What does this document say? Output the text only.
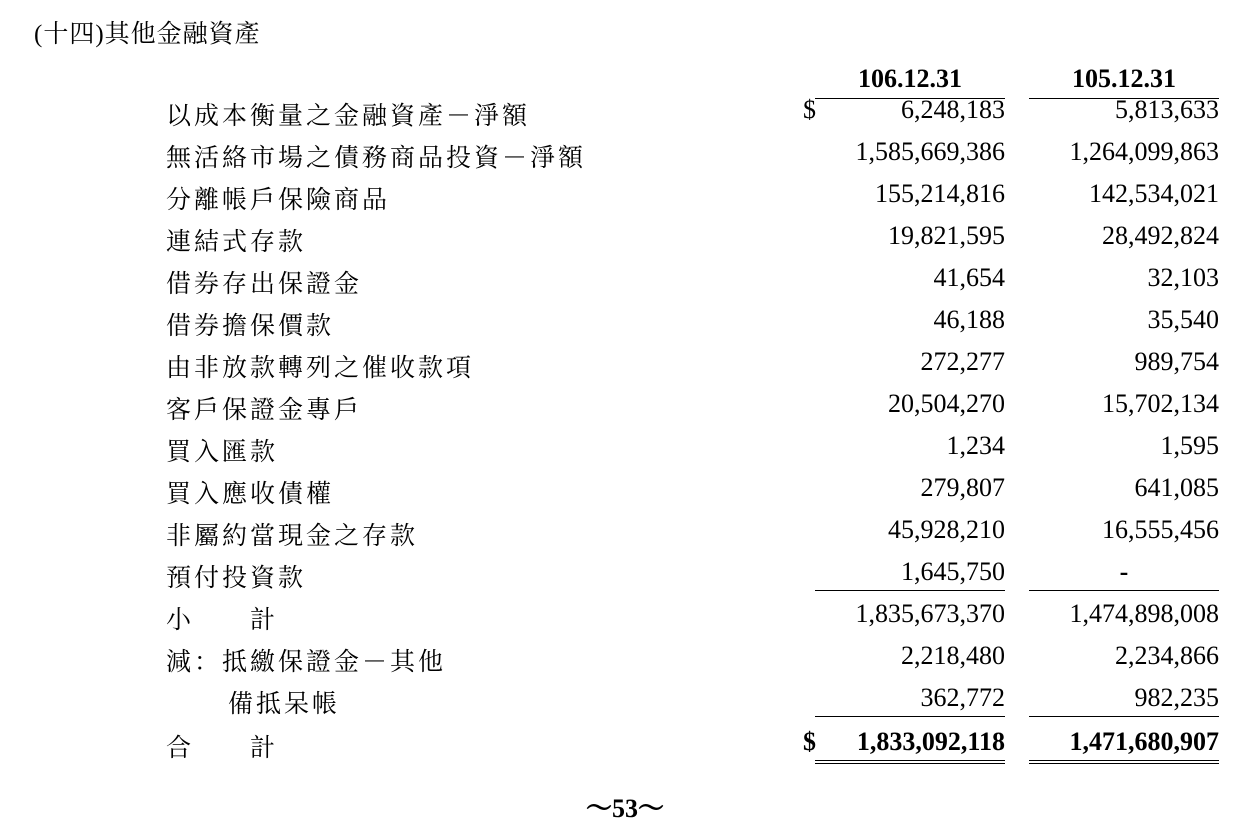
(十四)其他金融資產
106.12.31	105.12.31
以成本衡量之金融資產－淨額	$	6,248,183	5,813,633
無活絡市場之債務商品投資－淨額	1,585,669,386	1,264,099,863
分離帳戶保險商品	155,214,816	142,534,021
連結式存款	19,821,595	28,492,824
借券存出保證金	41,654	32,103
借券擔保價款	46,188	35,540
由非放款轉列之催收款項	272,277	989,754
客戶保證金專戶	20,504,270	15,702,134
買入匯款	1,234	1,595
買入應收債權	279,807	641,085
非屬約當現金之存款	45,928,210	16,555,456
預付投資款	1,645,750	-
小　　計	1,835,673,370	1,474,898,008
減：抵繳保證金－其他	2,218,480	2,234,866
備抵呆帳	362,772	982,235
合　　計	$ 1,833,092,118	1,471,680,907
～53～
